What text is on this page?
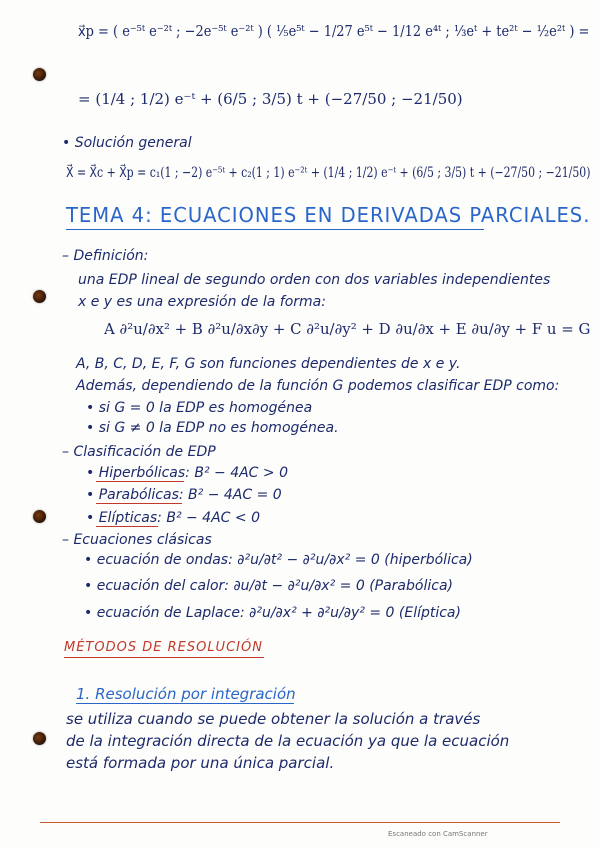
x⃗p = ( e⁻⁵ᵗ e⁻²ᵗ ; −2e⁻⁵ᵗ e⁻²ᵗ ) ( ⅕e⁵ᵗ − 1/27 e⁵ᵗ − 1/12 e⁴ᵗ ; ⅓eᵗ + te²ᵗ − ½e²ᵗ ) =
= (1/4 ; 1/2) e⁻ᵗ + (6/5 ; 3/5) t + (−27/50 ; −21/50)
• Solución general
X⃗ = X⃗c + X⃗p = c₁(1 ; −2) e⁻⁵ᵗ + c₂(1 ; 1) e⁻²ᵗ + (1/4 ; 1/2) e⁻ᵗ + (6/5 ; 3/5) t + (−27/50 ; −21/50)
TEMA 4: ECUACIONES EN DERIVADAS PARCIALES.
– Definición:
una EDP lineal de segundo orden con dos variables independientes
x e y es una expresión de la forma:
A ∂²u/∂x² + B ∂²u/∂x∂y + C ∂²u/∂y² + D ∂u/∂x + E ∂u/∂y + F u = G
A, B, C, D, E, F, G son funciones dependientes de x e y.
Además, dependiendo de la función G podemos clasificar EDP como:
• si G = 0 la EDP es homogénea
• si G ≠ 0 la EDP no es homogénea.
– Clasificación de EDP
• Hiperbólicas: B² − 4AC > 0
• Parabólicas: B² − 4AC = 0
• Elípticas: B² − 4AC < 0
– Ecuaciones clásicas
• ecuación de ondas: ∂²u/∂t² − ∂²u/∂x² = 0 (hiperbólica)
• ecuación del calor: ∂u/∂t − ∂²u/∂x² = 0 (Parabólica)
• ecuación de Laplace: ∂²u/∂x² + ∂²u/∂y² = 0 (Elíptica)
MÉTODOS DE RESOLUCIÓN
1. Resolución por integración
se utiliza cuando se puede obtener la solución a través
de la integración directa de la ecuación ya que la ecuación
está formada por una única parcial.
Escaneado con CamScanner
